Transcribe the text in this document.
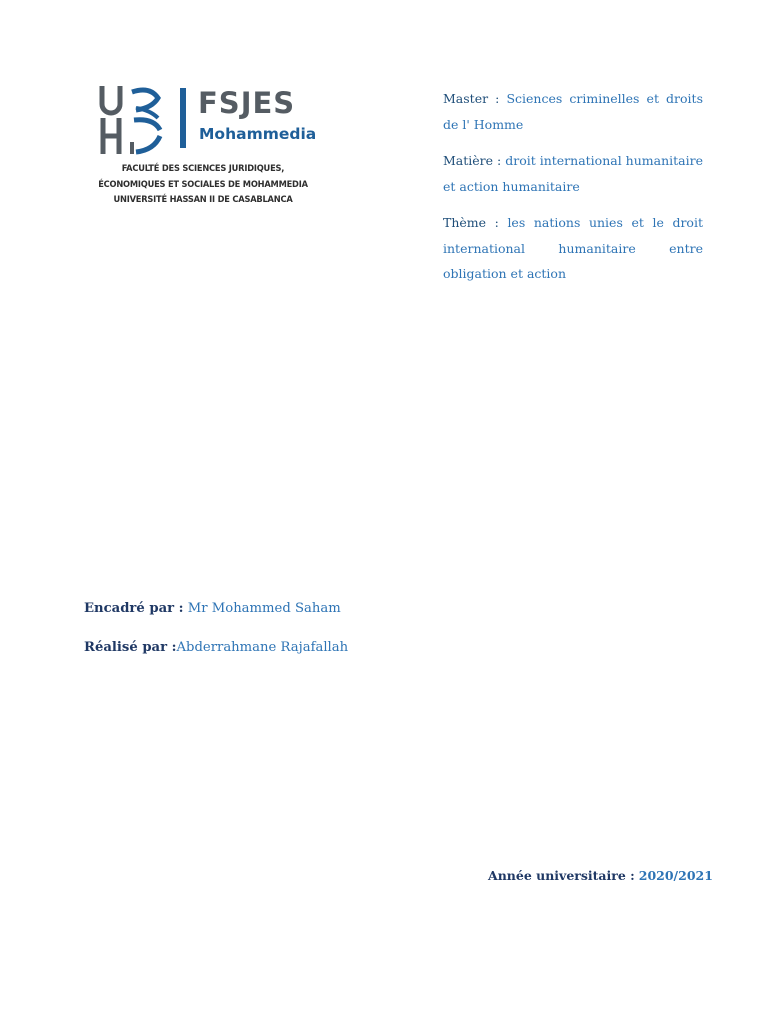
FSJES
Mohammedia
FACULTÉ DES SCIENCES JURIDIQUES,
ÉCONOMIQUES ET SOCIALES DE MOHAMMEDIA
UNIVERSITÉ HASSAN II DE CASABLANCA

Master : Sciences criminelles et droits de l' Homme

Matière : droit international humanitaire et action humanitaire

Thème : les nations unies et le droit international humanitaire entre obligation et action

Encadré par : Mr Mohammed Saham
Réalisé par :Abderrahmane Rajafallah
Année universitaire : 2020/2021
